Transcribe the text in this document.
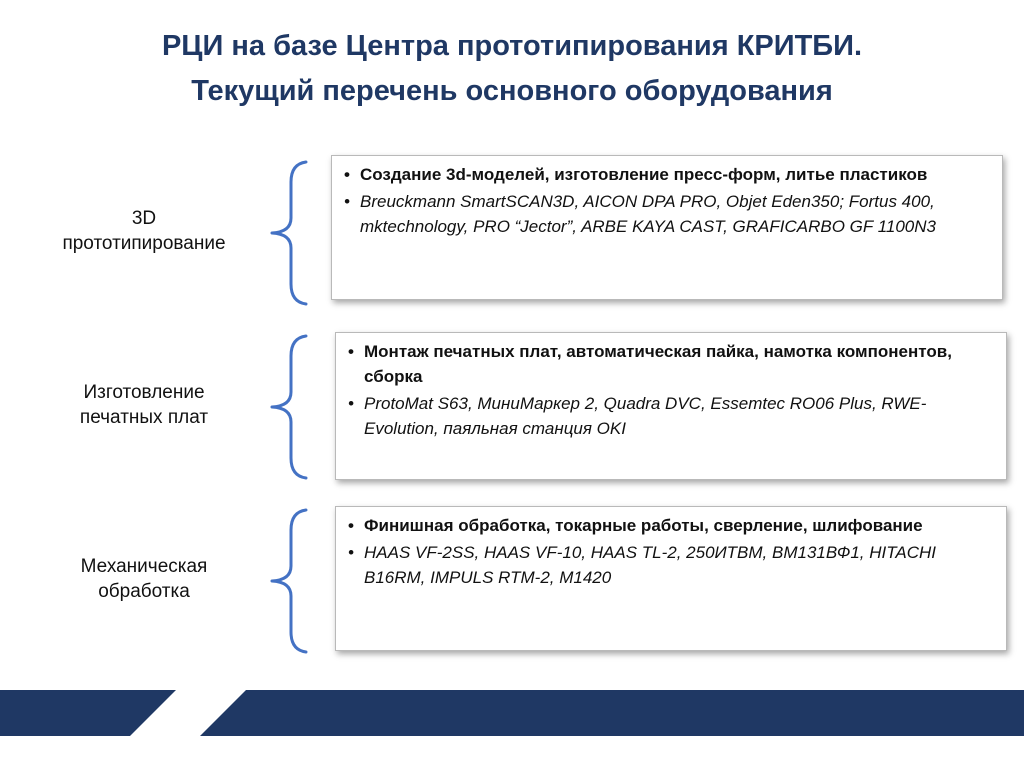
РЦИ на базе Центра прототипирования КРИТБИ.
Текущий перечень основного оборудования
3D
прототипирование
• Создание 3d-моделей, изготовление пресс-форм, литье пластиков
• Breuckmann SmartSCAN3D, AICON DPA PRO, Objet Eden350; Fortus 400, mktechnology, PRO “Jector”, ARBE KAYA CAST, GRAFICARBO GF 1100N3
Изготовление
печатных плат
• Монтаж печатных плат, автоматическая пайка, намотка компонентов, сборка
• ProtoMat S63, МиниМаркер 2, Quadra DVC, Essemtec RO06 Plus, RWE-Evolution, паяльная станция OKI
Механическая
обработка
• Финишная обработка, токарные работы, сверление, шлифование
• HAAS VF-2SS, HAAS VF-10, HAAS TL-2, 250ИТВМ, ВМ131ВФ1, HITACHI B16RM, IMPULS RTM-2, M1420
